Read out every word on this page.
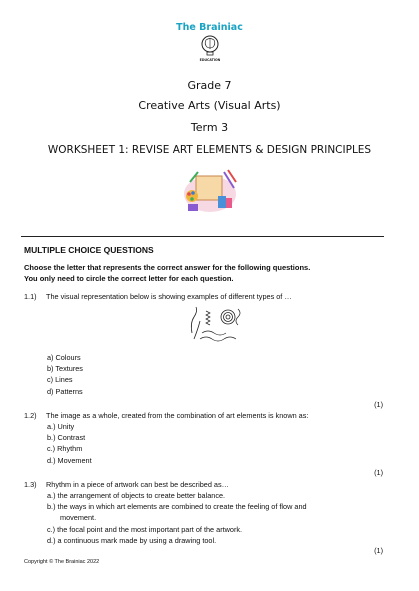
The Brainiac
EDUCATION
Grade 7
Creative Arts (Visual Arts)
Term 3
WORKSHEET 1: REVISE ART ELEMENTS & DESIGN PRINCIPLES
MULTIPLE CHOICE QUESTIONS
Choose the letter that represents the correct answer for the following questions.
You only need to circle the correct letter for each question.
1.1) The visual representation below is showing examples of different types of …
a) Colours
b) Textures
c) Lines
d) Patterns
(1)
1.2) The image as a whole, created from the combination of art elements is known as:
a.) Unity
b.) Contrast
c.) Rhythm
d.) Movement
(1)
1.3) Rhythm in a piece of artwork can best be described as…
a.) the arrangement of objects to create better balance.
b.) the ways in which art elements are combined to create the feeling of flow and
movement.
c.) the focal point and the most important part of the artwork.
d.) a continuous mark made by using a drawing tool.
(1)
Copyright © The Brainiac 2022
